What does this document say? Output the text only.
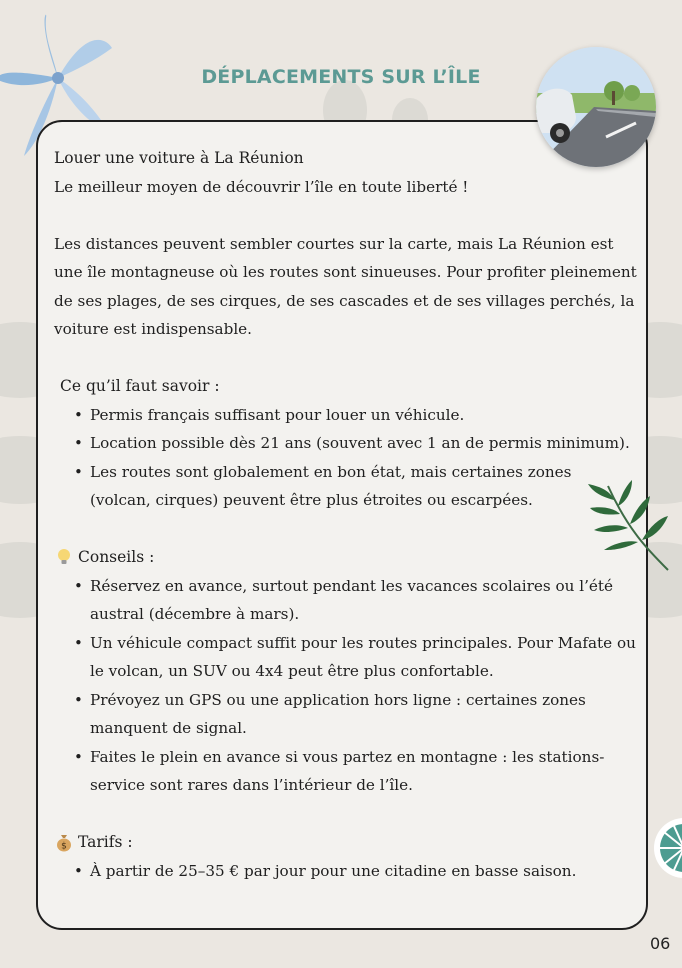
DÉPLACEMENTS SUR L’ÎLE

Louer une voiture à La Réunion

Le meilleur moyen de découvrir l’île en toute liberté !

Les distances peuvent sembler courtes sur la carte, mais La Réunion est une île montagneuse où les routes sont sinueuses. Pour profiter pleinement de ses plages, de ses cirques, de ses cascades et de ses villages perchés, la voiture est indispensable.

Ce qu’il faut savoir :

• Permis français suffisant pour louer un véhicule.
• Location possible dès 21 ans (souvent avec 1 an de permis minimum).
• Les routes sont globalement en bon état, mais certaines zones (volcan, cirques) peuvent être plus étroites ou escarpées.
Conseils :
• Réservez en avance, surtout pendant les vacances scolaires ou l’été austral (décembre à mars).
• Un véhicule compact suffit pour les routes principales. Pour Mafate ou le volcan, un SUV ou 4x4 peut être plus confortable.
• Prévoyez un GPS ou une application hors ligne : certaines zones manquent de signal.
• Faites le plein en avance si vous partez en montagne : les stations-service sont rares dans l’intérieur de l’île.
$ Tarifs :
• À partir de 25–35 € par jour pour une citadine en basse saison.
06
